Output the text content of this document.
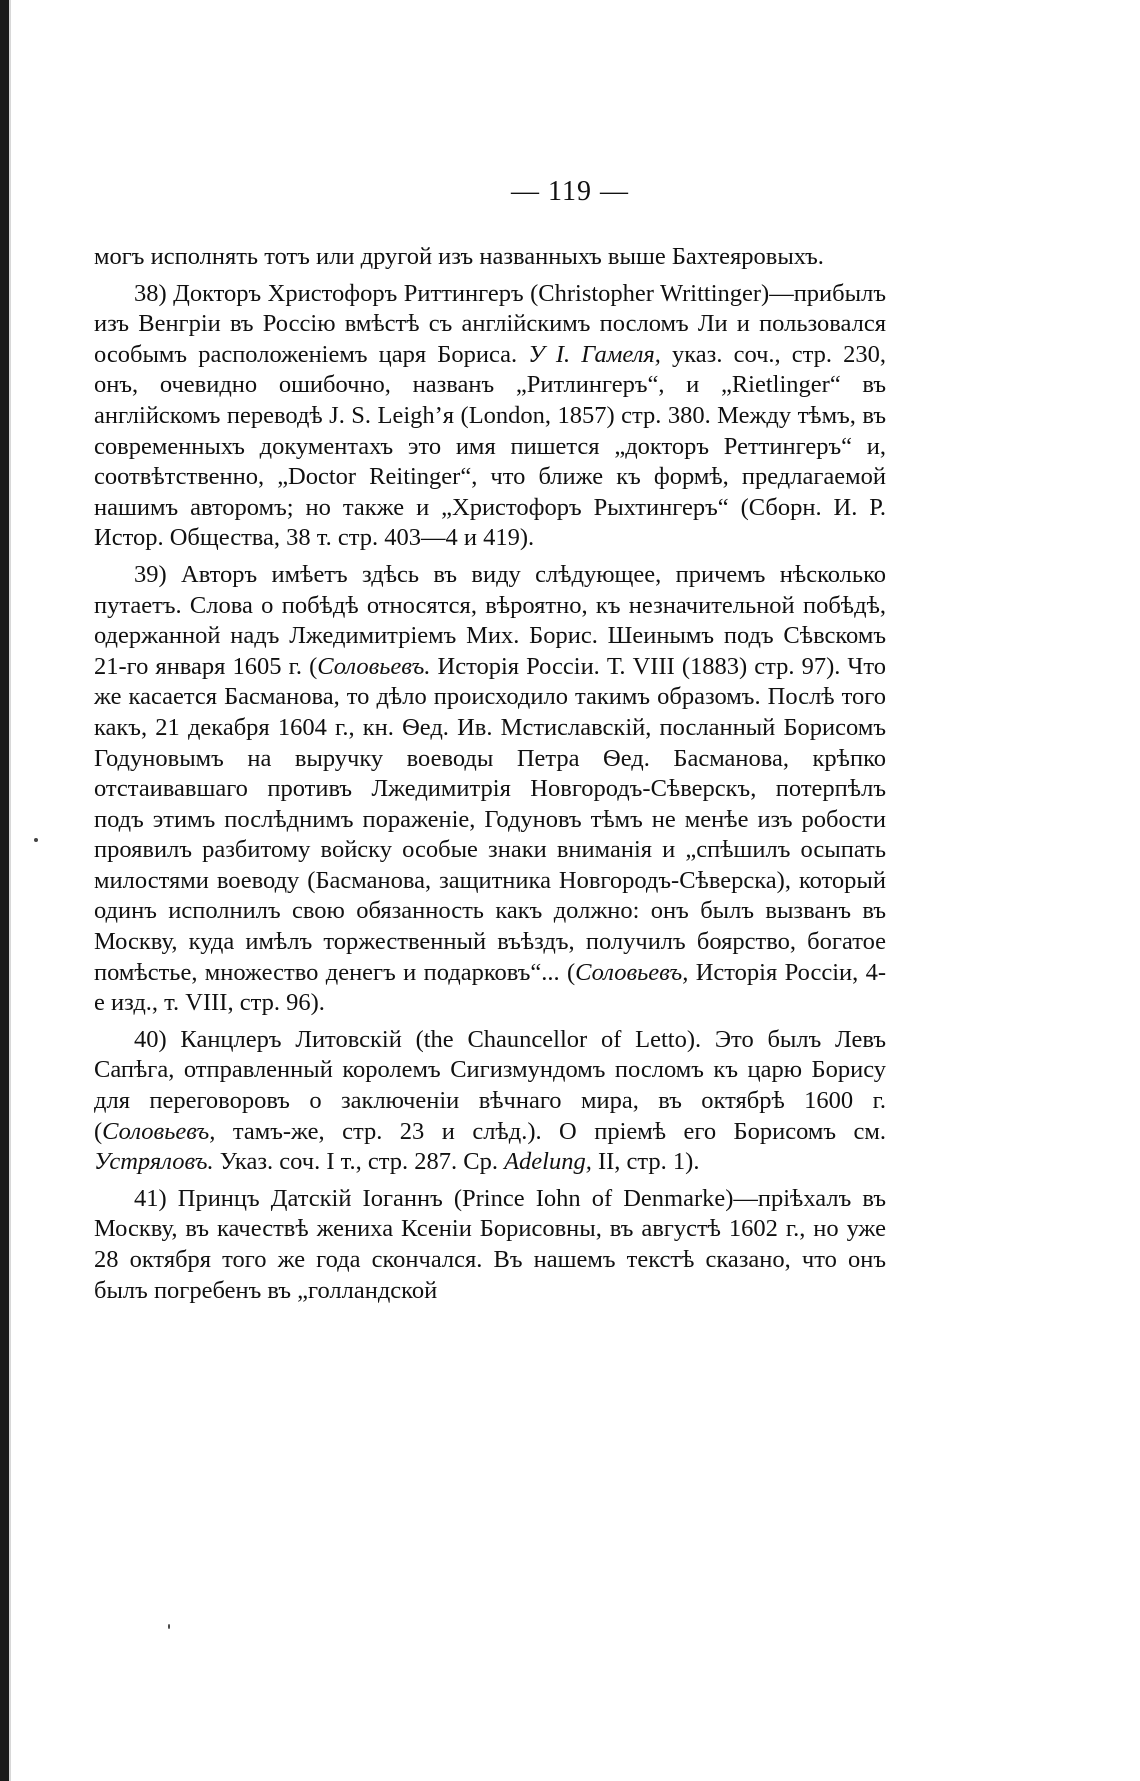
— 119 —

могъ исполнять тотъ или другой изъ названныхъ выше Бахтеяровыхъ.

38) Докторъ Христофоръ Риттингеръ (Christopher Writtinger)—прибылъ изъ Венгріи въ Россію вмѣстѣ съ англійскимъ посломъ Ли и пользовался особымъ расположеніемъ царя Бориса. У I. Гамеля, указ. соч., стр. 230, онъ, очевидно ошибочно, названъ „Ритлингеръ“, и „Rietlinger“ въ англійскомъ переводѣ J. S. Leigh’я (London, 1857) стр. 380. Между тѣмъ, въ современныхъ документахъ это имя пишется „докторъ Реттингеръ“ и, соотвѣтственно, „Doctor Reitinger“, что ближе къ формѣ, предлагаемой нашимъ авторомъ; но также и „Христофоръ Рыхтингеръ“ (Сборн. И. Р. Истор. Общества, 38 т. стр. 403—4 и 419).

39) Авторъ имѣетъ здѣсь въ виду слѣдующее, причемъ нѣсколько путаетъ. Слова о побѣдѣ относятся, вѣроятно, къ незначительной побѣдѣ, одержанной надъ Лжедимитріемъ Мих. Борис. Шеинымъ подъ Сѣвскомъ 21-го января 1605 г. (Соловьевъ. Исторія Россіи. Т. VIII (1883) стр. 97). Что же касается Басманова, то дѣло происходило такимъ образомъ. Послѣ того какъ, 21 декабря 1604 г., кн. Ѳед. Ив. Мстиславскій, посланный Борисомъ Годуновымъ на выручку воеводы Петра Ѳед. Басманова, крѣпко отстаивавшаго противъ Лжедимитрія Новгородъ-Сѣверскъ, потерпѣлъ подъ этимъ послѣднимъ пораженіе, Годуновъ тѣмъ не менѣе изъ робости проявилъ разбитому войску особые знаки вниманія и „спѣшилъ осыпать милостями воеводу (Басманова, защитника Новгородъ-Сѣверска), который одинъ исполнилъ свою обязанность какъ должно: онъ былъ вызванъ въ Москву, куда имѣлъ торжественный въѣздъ, получилъ боярство, богатое помѣстье, множество денегъ и подарковъ“... (Соловьевъ, Исторія Россіи, 4-е изд., т. VIII, стр. 96).

40) Канцлеръ Литовскій (the Chauncellor of Letto). Это былъ Левъ Сапѣга, отправленный королемъ Сигизмундомъ посломъ къ царю Борису для переговоровъ о заключеніи вѣчнаго мира, въ октябрѣ 1600 г. (Соловьевъ, тамъ-же, стр. 23 и слѣд.). О пріемѣ его Борисомъ см. Устряловъ. Указ. соч. I т., стр. 287. Ср. Adelung, II, стр. 1).

41) Принцъ Датскій Іоганнъ (Prince Iohn of Denmarke)—пріѣхалъ въ Москву, въ качествѣ жениха Ксеніи Борисовны, въ августѣ 1602 г., но уже 28 октября того же года скончался. Въ нашемъ текстѣ сказано, что онъ былъ погребенъ въ „голландской
